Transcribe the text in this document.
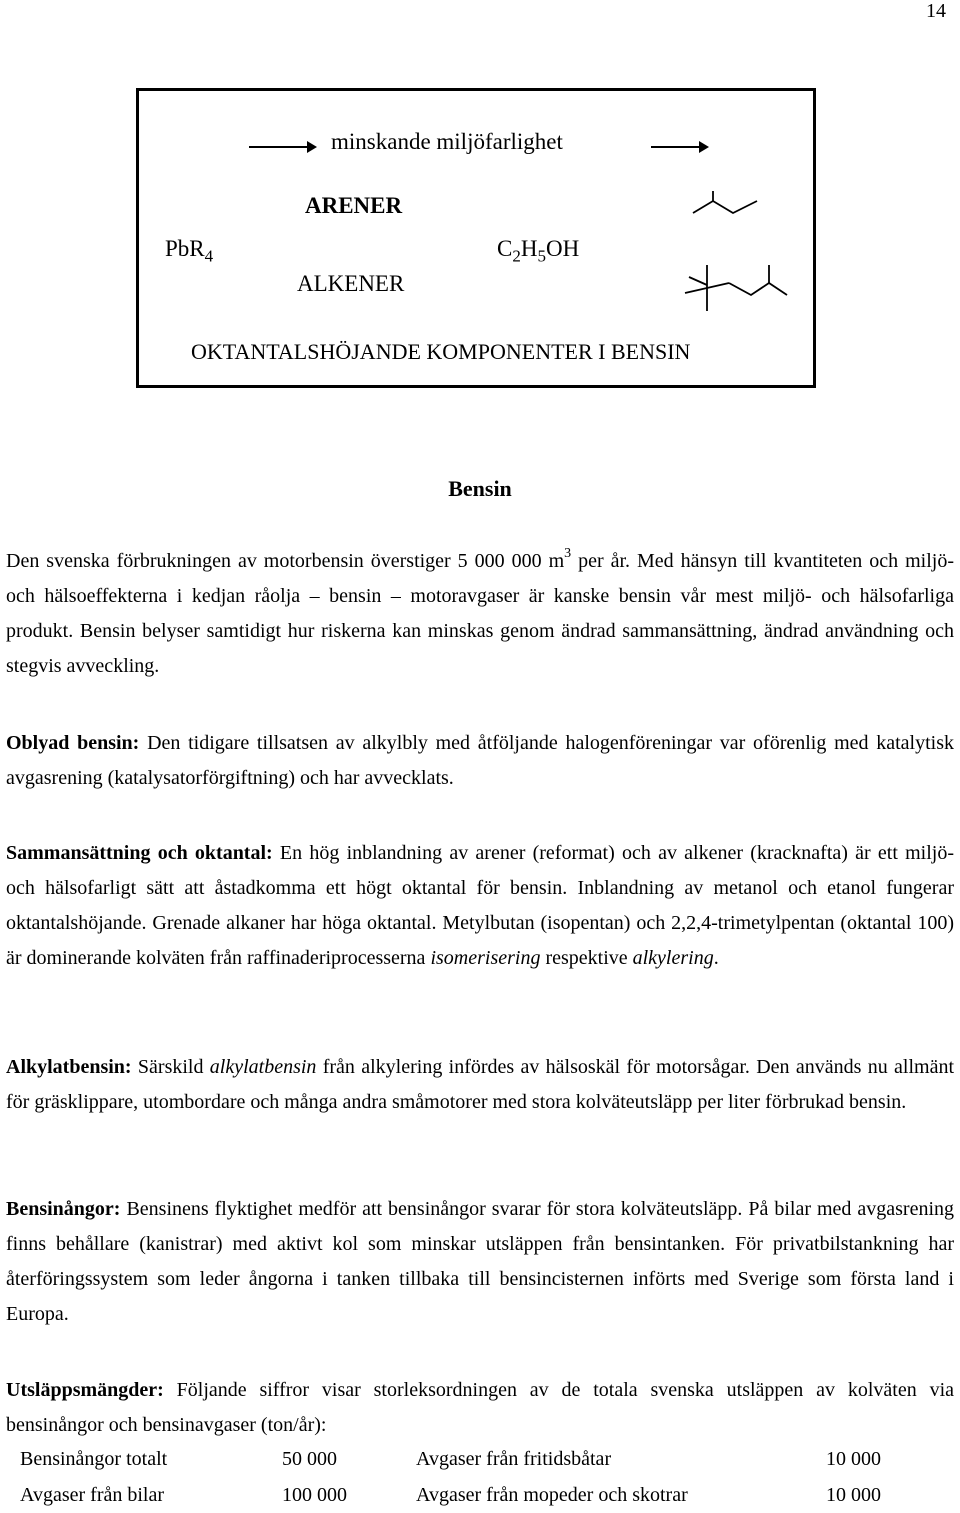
14
minskande miljöfarlighet
ARENER
PbR$_4$	$C_2H_5OH$
ALKENER
OKTANTALSHÖJANDE KOMPONENTER I BENSIN
Bensin

Den svenska förbrukningen av motorbensin överstiger 5 000 000 $m^3$ per år. Med hänsyn till kvantiteten och miljö- och hälsoeffekterna i kedjan råolja – bensin – motoravgaser är kanske bensin vår mest miljö- och hälsofarliga produkt. Bensin belyser samtidigt hur riskerna kan minskas genom ändrad sammansättning, ändrad användning och stegvis avveckling.

Oblyad bensin: Den tidigare tillsatsen av alkylbly med åtföljande halogenföreningar var oförenlig med katalytisk avgasrening (katalysatorförgiftning) och har avvecklats.

Sammansättning och oktantal: En hög inblandning av arener (reformat) och av alkener (kracknafta) är ett miljö- och hälsofarligt sätt att åstadkomma ett högt oktantal för bensin. Inblandning av metanol och etanol fungerar oktantalshöjande. Grenade alkaner har höga oktantal. Metylbutan (isopentan) och 2,2,4-trimetylpentan (oktantal 100) är dominerande kolväten från raffinaderiprocesserna isomerisering respektive alkylering.

Alkylatbensin: Särskild alkylatbensin från alkylering infördes av hälsoskäl för motorsågar. Den används nu allmänt för gräsklippare, utombordare och många andra småmotorer med stora kolväteutsläpp per liter förbrukad bensin.

Bensinångor: Bensinens flyktighet medför att bensinångor svarar för stora kolväteutsläpp. På bilar med avgasrening finns behållare (kanistrar) med aktivt kol som minskar utsläppen från bensintanken. För privatbilstankning har återföringssystem som leder ångorna i tanken tillbaka till bensincisternen införts med Sverige som första land i Europa.

Utsläppsmängder: Följande siffror visar storleksordningen av de totala svenska utsläppen av kolväten via bensinångor och bensinavgaser (ton/år):

Bensinångor totalt	50 000	Avgaser från fritidsbåtar	10 000
Avgaser från bilar	100 000	Avgaser från mopeder och skotrar	10 000
